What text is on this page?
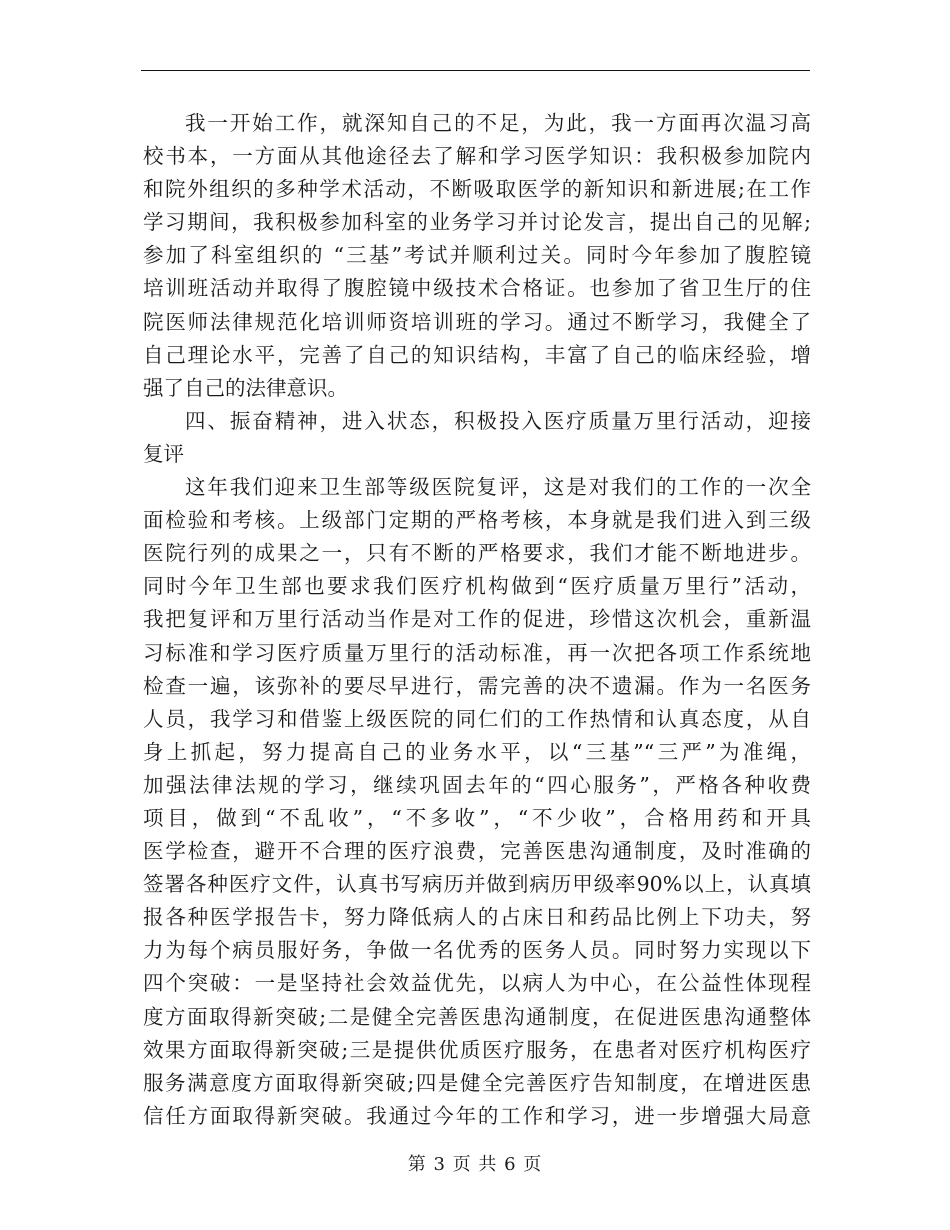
我一开始工作，就深知自己的不足，为此，我一方面再次温习高
校书本，一方面从其他途径去了解和学习医学知识：我积极参加院内
和院外组织的多种学术活动，不断吸取医学的新知识和新进展;在工作
学习期间，我积极参加科室的业务学习并讨论发言，提出自己的见解;
参加了科室组织的 “三基”考试并顺利过关。同时今年参加了腹腔镜
培训班活动并取得了腹腔镜中级技术合格证。也参加了省卫生厅的住
院医师法律规范化培训师资培训班的学习。通过不断学习，我健全了
自己理论水平，完善了自己的知识结构，丰富了自己的临床经验，增
强了自己的法律意识。
四、振奋精神，进入状态，积极投入医疗质量万里行活动，迎接
复评
这年我们迎来卫生部等级医院复评，这是对我们的工作的一次全
面检验和考核。上级部门定期的严格考核，本身就是我们进入到三级
医院行列的成果之一，只有不断的严格要求，我们才能不断地进步。
同时今年卫生部也要求我们医疗机构做到“医疗质量万里行”活动，
我把复评和万里行活动当作是对工作的促进，珍惜这次机会，重新温
习标准和学习医疗质量万里行的活动标准，再一次把各项工作系统地
检查一遍，该弥补的要尽早进行，需完善的决不遗漏。作为一名医务
人员，我学习和借鉴上级医院的同仁们的工作热情和认真态度，从自
身上抓起，努力提高自己的业务水平，以“三基”“三严”为准绳，
加强法律法规的学习，继续巩固去年的“四心服务”，严格各种收费
项目，做到“不乱收”，“不多收”，“不少收”，合格用药和开具
医学检查，避开不合理的医疗浪费，完善医患沟通制度，及时准确的
签署各种医疗文件，认真书写病历并做到病历甲级率90%以上，认真填
报各种医学报告卡，努力降低病人的占床日和药品比例上下功夫，努
力为每个病员服好务，争做一名优秀的医务人员。同时努力实现以下
四个突破：一是坚持社会效益优先，以病人为中心，在公益性体现程
度方面取得新突破;二是健全完善医患沟通制度，在促进医患沟通整体
效果方面取得新突破;三是提供优质医疗服务，在患者对医疗机构医疗
服务满意度方面取得新突破;四是健全完善医疗告知制度，在增进医患
信任方面取得新突破。我通过今年的工作和学习，进一步增强大局意
第 3 页 共 6 页
